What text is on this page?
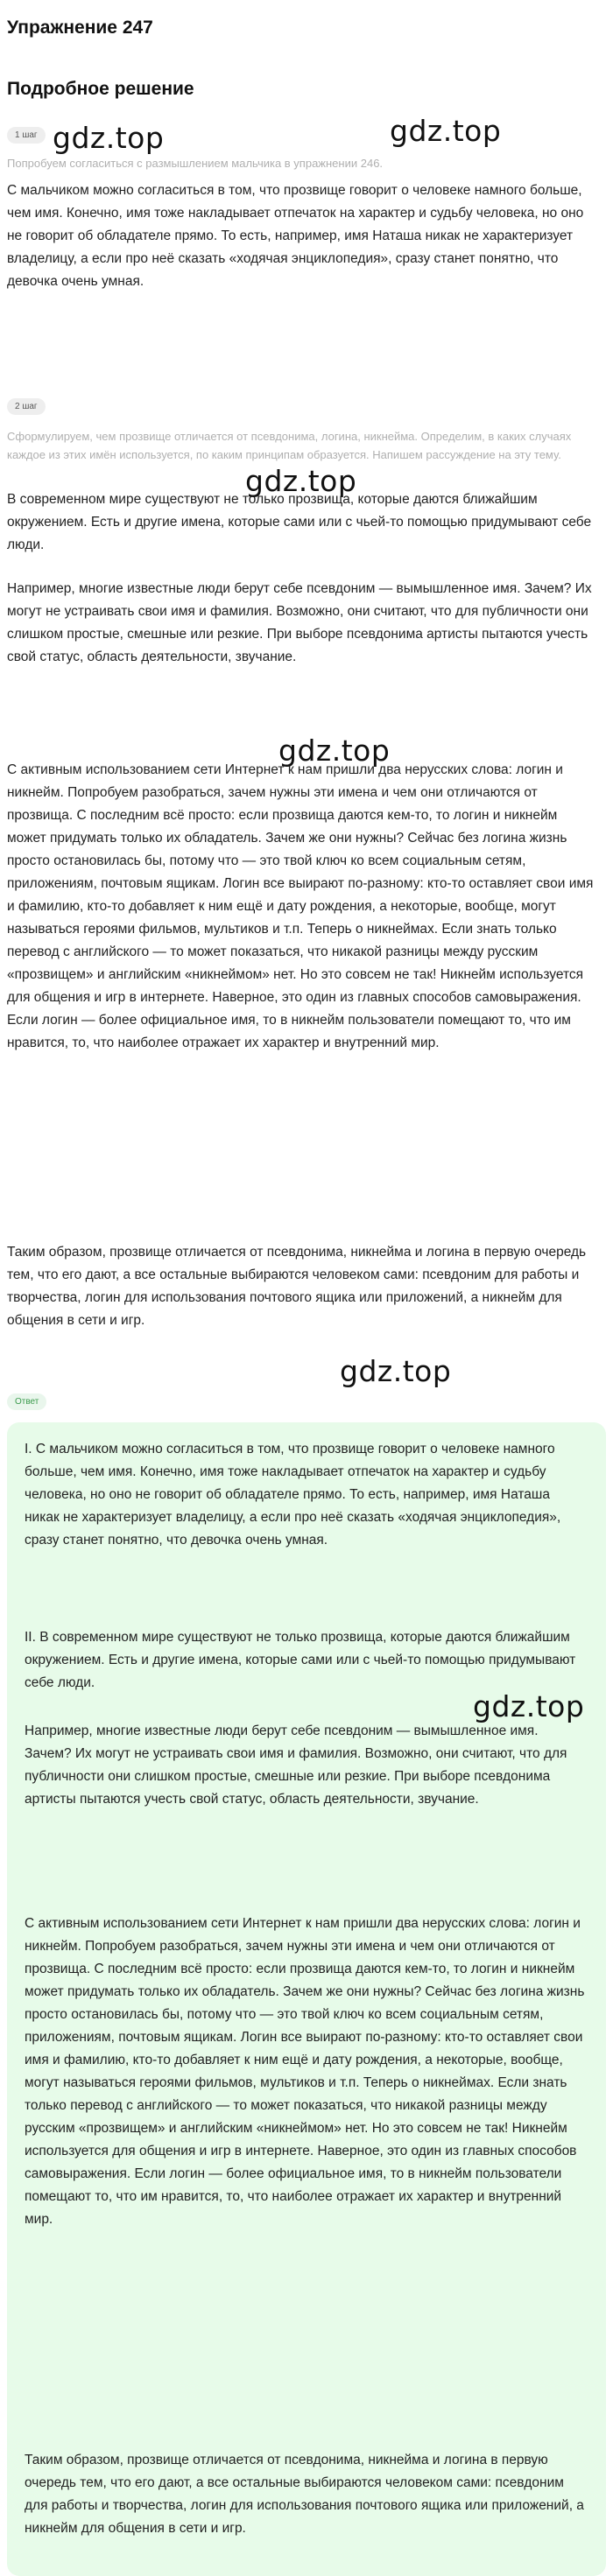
Упражнение 247
Подробное решение
1 шаг
Попробуем согласиться с размышлением мальчика в упражнении 246.
С мальчиком можно согласиться в том, что прозвище говорит о человеке намного больше, чем имя. Конечно, имя тоже накладывает отпечаток на характер и судьбу человека, но оно не говорит об обладателе прямо. То есть, например, имя Наташа никак не характеризует владелицу, а если про неё сказать «ходячая энциклопедия», сразу станет понятно, что девочка очень умная.
2 шаг
Сформулируем, чем прозвище отличается от псевдонима, логина, никнейма. Определим, в каких случаях каждое из этих имён используется, по каким принципам образуется. Напишем рассуждение на эту тему.
В современном мире существуют не только прозвища, которые даются ближайшим окружением. Есть и другие имена, которые сами или с чьей-то помощью придумывают себе люди.
Например, многие известные люди берут себе псевдоним — вымышленное имя. Зачем? Их могут не устраивать свои имя и фамилия. Возможно, они считают, что для публичности они слишком простые, смешные или резкие. При выборе псевдонима артисты пытаются учесть свой статус, область деятельности, звучание.
С активным использованием сети Интернет к нам пришли два нерусских слова: логин и никнейм. Попробуем разобраться, зачем нужны эти имена и чем они отличаются от прозвища. С последним всё просто: если прозвища даются кем-то, то логин и никнейм может придумать только их обладатель. Зачем же они нужны? Сейчас без логина жизнь просто остановилась бы, потому что — это твой ключ ко всем социальным сетям, приложениям, почтовым ящикам. Логин все выирают по-разному: кто-то оставляет свои имя и фамилию, кто-то добавляет к ним ещё и дату рождения, а некоторые, вообще, могут называться героями фильмов, мультиков и т.п. Теперь о никнеймах. Если знать только перевод с английского — то может показаться, что никакой разницы между русским «прозвищем» и английским «никнеймом» нет. Но это совсем не так! Никнейм используется для общения и игр в интернете. Наверное, это один из главных способов самовыражения. Если логин — более официальное имя, то в никнейм пользователи помещают то, что им нравится, то, что наиболее отражает их характер и внутренний мир.
Таким образом, прозвище отличается от псевдонима, никнейма и логина в первую очередь тем, что его дают, а все остальные выбираются человеком сами: псевдоним для работы и творчества, логин для использования почтового ящика или приложений, а никнейм для общения в сети и игр.
Ответ
I. С мальчиком можно согласиться в том, что прозвище говорит о человеке намного больше, чем имя. Конечно, имя тоже накладывает отпечаток на характер и судьбу человека, но оно не говорит об обладателе прямо. То есть, например, имя Наташа никак не характеризует владелицу, а если про неё сказать «ходячая энциклопедия», сразу станет понятно, что девочка очень умная.
II. В современном мире существуют не только прозвища, которые даются ближайшим окружением. Есть и другие имена, которые сами или с чьей-то помощью придумывают себе люди.
Например, многие известные люди берут себе псевдоним — вымышленное имя. Зачем? Их могут не устраивать свои имя и фамилия. Возможно, они считают, что для публичности они слишком простые, смешные или резкие. При выборе псевдонима артисты пытаются учесть свой статус, область деятельности, звучание.
С активным использованием сети Интернет к нам пришли два нерусских слова: логин и никнейм. Попробуем разобраться, зачем нужны эти имена и чем они отличаются от прозвища. С последним всё просто: если прозвища даются кем-то, то логин и никнейм может придумать только их обладатель. Зачем же они нужны? Сейчас без логина жизнь просто остановилась бы, потому что — это твой ключ ко всем социальным сетям, приложениям, почтовым ящикам. Логин все выирают по-разному: кто-то оставляет свои имя и фамилию, кто-то добавляет к ним ещё и дату рождения, а некоторые, вообще, могут называться героями фильмов, мультиков и т.п. Теперь о никнеймах. Если знать только перевод с английского — то может показаться, что никакой разницы между русским «прозвищем» и английским «никнеймом» нет. Но это совсем не так! Никнейм используется для общения и игр в интернете. Наверное, это один из главных способов самовыражения. Если логин — более официальное имя, то в никнейм пользователи помещают то, что им нравится, то, что наиболее отражает их характер и внутренний мир.
Таким образом, прозвище отличается от псевдонима, никнейма и логина в первую очередь тем, что его дают, а все остальные выбираются человеком сами: псевдоним для работы и творчества, логин для использования почтового ящика или приложений, а никнейм для общения в сети и игр.
gdz.top	gdz.top
gdz.top
gdz.top
gdz.top
gdz.top
